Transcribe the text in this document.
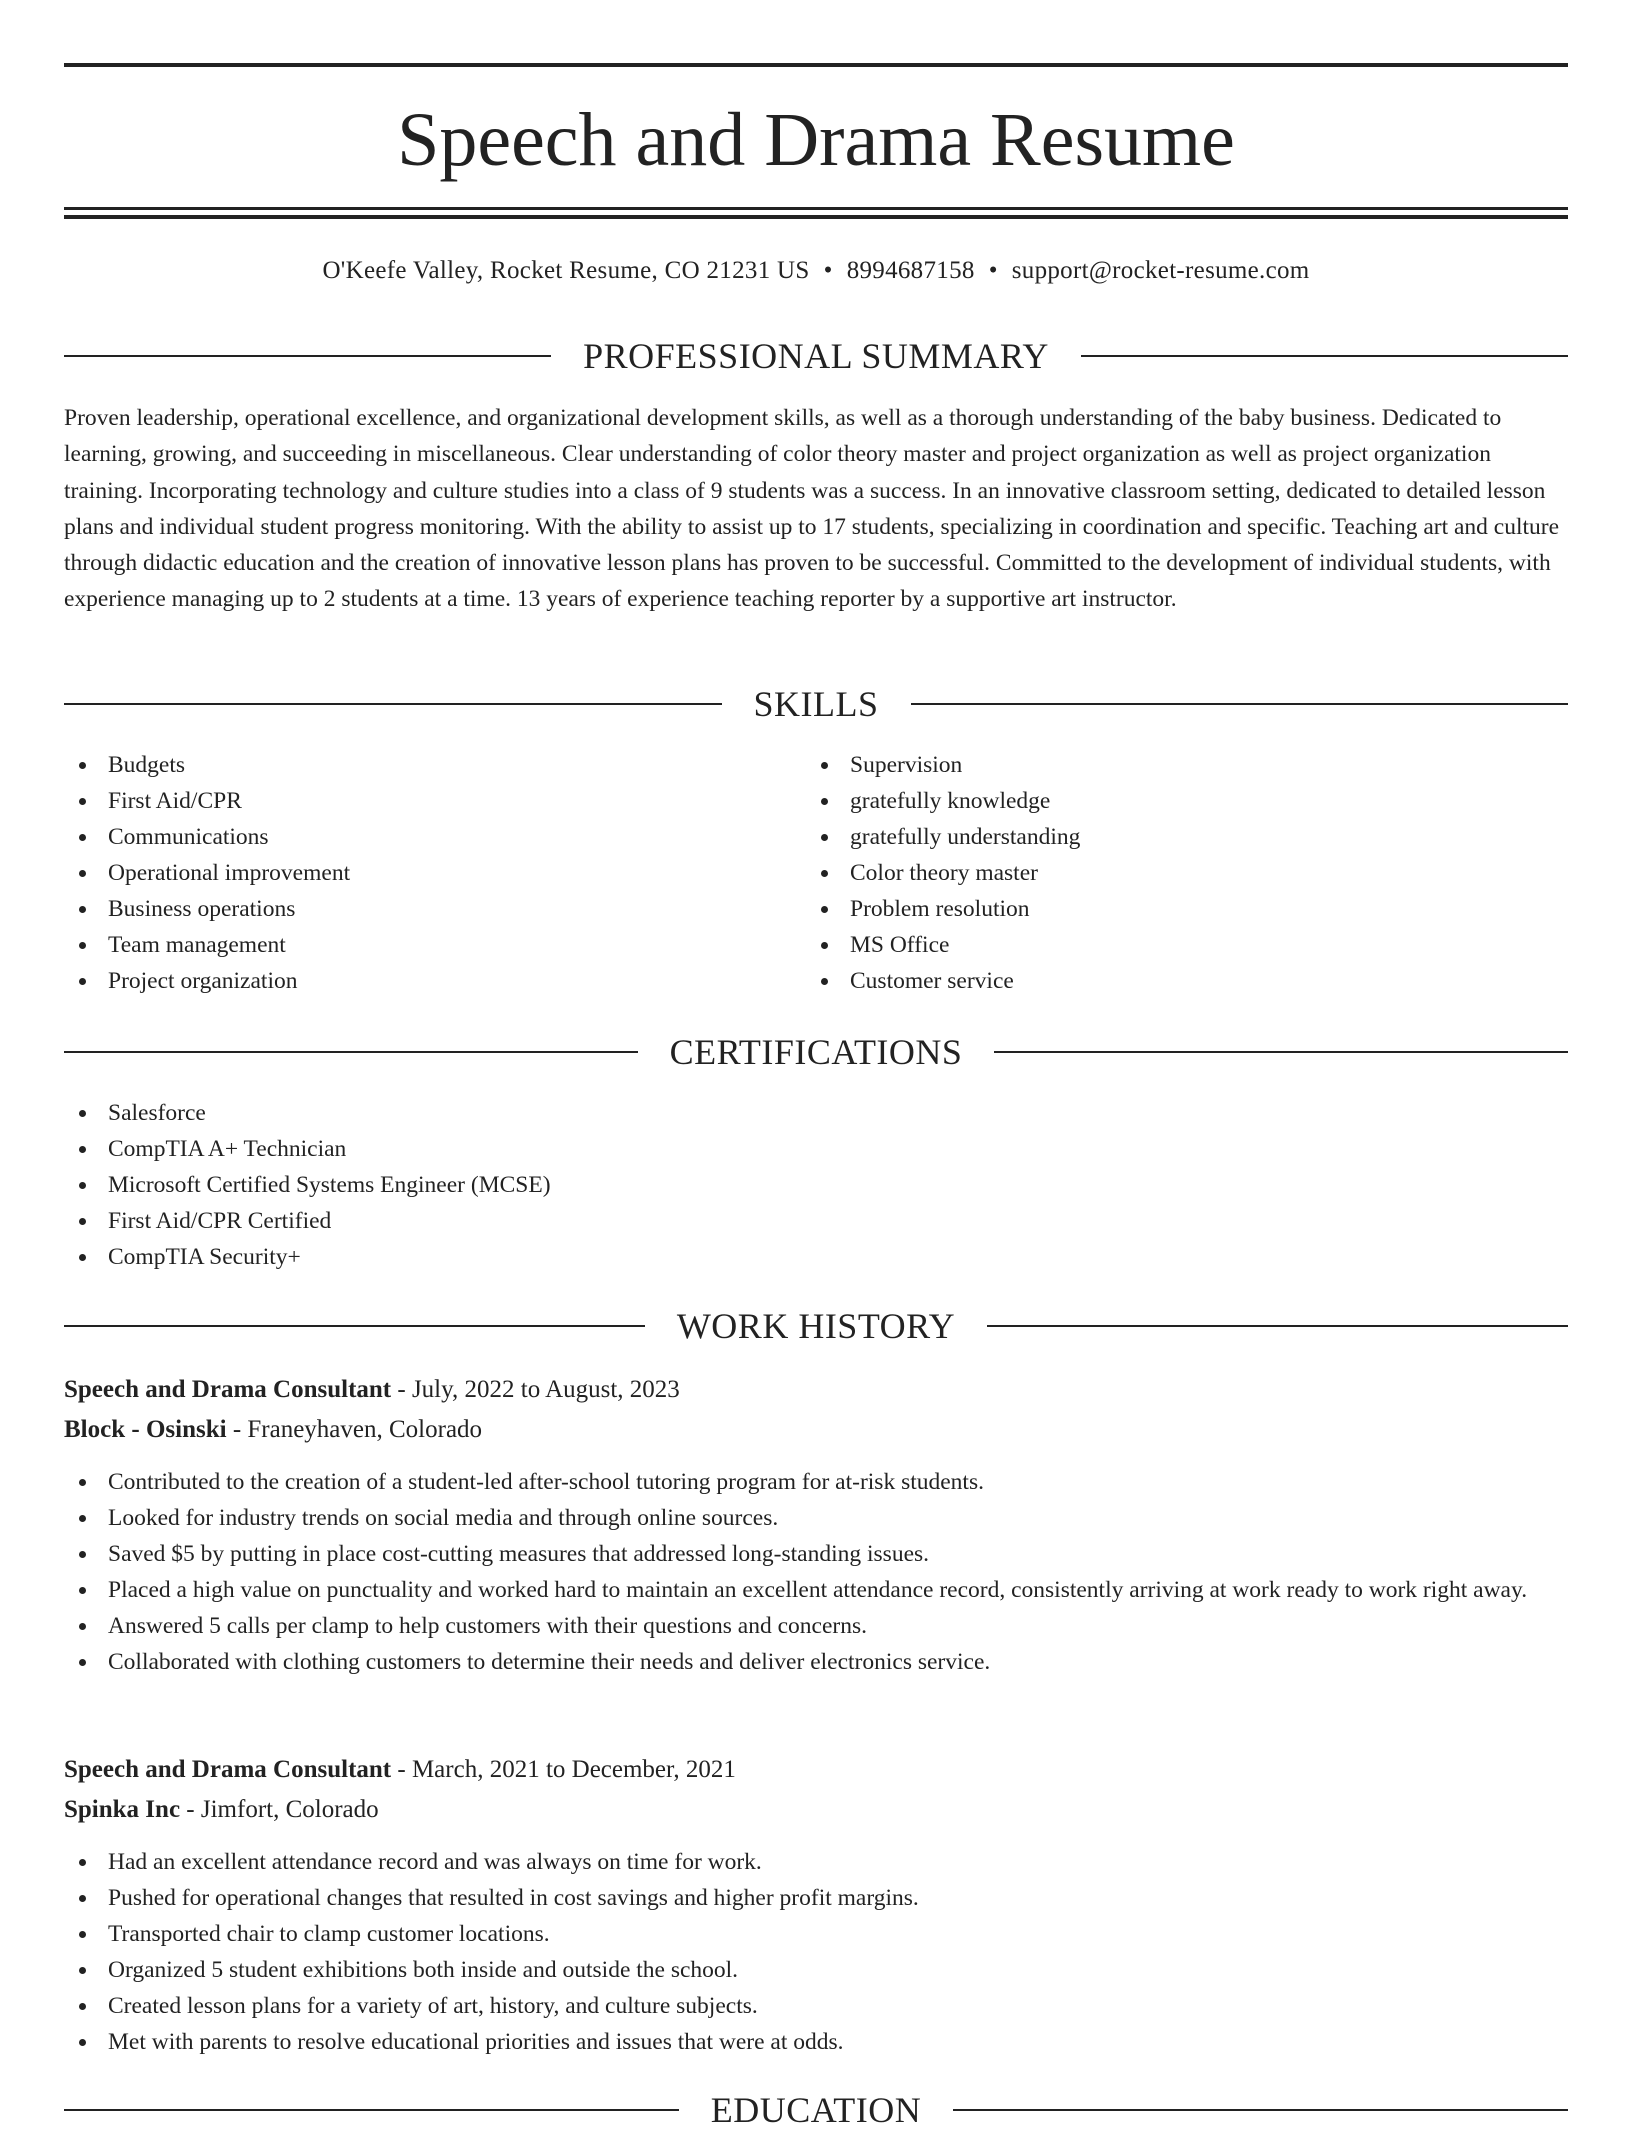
Speech and Drama Resume
O'Keefe Valley, Rocket Resume, CO 21231 US • 8994687158 • support@rocket-resume.com
PROFESSIONAL SUMMARY

Proven leadership, operational excellence, and organizational development skills, as well as a thorough understanding of the baby business. Dedicated to learning, growing, and succeeding in miscellaneous. Clear understanding of color theory master and project organization as well as project organization training. Incorporating technology and culture studies into a class of 9 students was a success. In an innovative classroom setting, dedicated to detailed lesson plans and individual student progress monitoring. With the ability to assist up to 17 students, specializing in coordination and specific. Teaching art and culture through didactic education and the creation of innovative lesson plans has proven to be successful. Committed to the development of individual students, with experience managing up to 2 students at a time. 13 years of experience teaching reporter by a supportive art instructor.

SKILLS
Budgets
First Aid/CPR
Communications
Operational improvement
Business operations
Team management
Project organization
Supervision
gratefully knowledge
gratefully understanding
Color theory master
Problem resolution
MS Office
Customer service
CERTIFICATIONS
Salesforce
CompTIA A+ Technician
Microsoft Certified Systems Engineer (MCSE)
First Aid/CPR Certified
CompTIA Security+
WORK HISTORY
Speech and Drama Consultant - July, 2022 to August, 2023
Block - Osinski - Franeyhaven, Colorado
Contributed to the creation of a student-led after-school tutoring program for at-risk students.
Looked for industry trends on social media and through online sources.
Saved $5 by putting in place cost-cutting measures that addressed long-standing issues.
Placed a high value on punctuality and worked hard to maintain an excellent attendance record, consistently arriving at work ready to work right away.
Answered 5 calls per clamp to help customers with their questions and concerns.
Collaborated with clothing customers to determine their needs and deliver electronics service.
Speech and Drama Consultant - March, 2021 to December, 2021
Spinka Inc - Jimfort, Colorado
Had an excellent attendance record and was always on time for work.
Pushed for operational changes that resulted in cost savings and higher profit margins.
Transported chair to clamp customer locations.
Organized 5 student exhibitions both inside and outside the school.
Created lesson plans for a variety of art, history, and culture subjects.
Met with parents to resolve educational priorities and issues that were at odds.
EDUCATION
